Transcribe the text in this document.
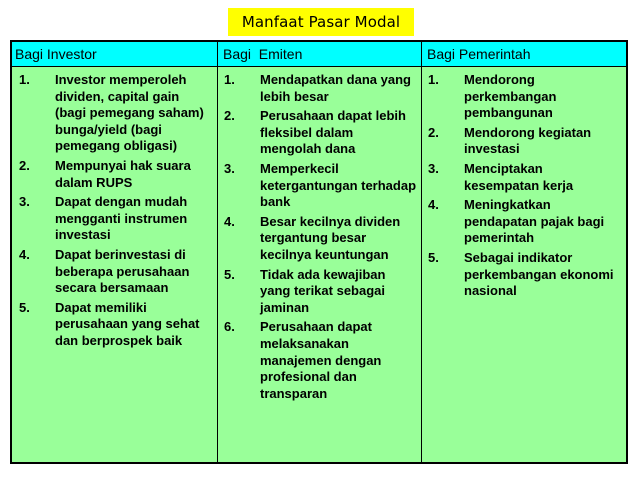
Manfaat Pasar Modal
Bagi Investor	Bagi  Emiten	Bagi Pemerintah
1. Investor memperoleh dividen, capital gain (bagi pemegang saham) bunga/yield (bagi pemegang obligasi)
2. Mempunyai hak suara dalam RUPS
3. Dapat dengan mudah mengganti instrumen investasi
4. Dapat berinvestasi di beberapa perusahaan secara bersamaan
5. Dapat memiliki perusahaan yang sehat dan berprospek baik
1. Mendapatkan dana yang lebih besar
2. Perusahaan dapat lebih fleksibel dalam mengolah dana
3. Memperkecil ketergantungan terhadap bank
4. Besar kecilnya dividen tergantung besar kecilnya keuntungan
5. Tidak ada kewajiban yang terikat sebagai jaminan
6. Perusahaan dapat melaksanakan manajemen dengan profesional dan transparan
1. Mendorong perkembangan pembangunan
2. Mendorong kegiatan investasi
3. Menciptakan kesempatan kerja
4. Meningkatkan pendapatan pajak bagi pemerintah
5. Sebagai indikator perkembangan ekonomi nasional
